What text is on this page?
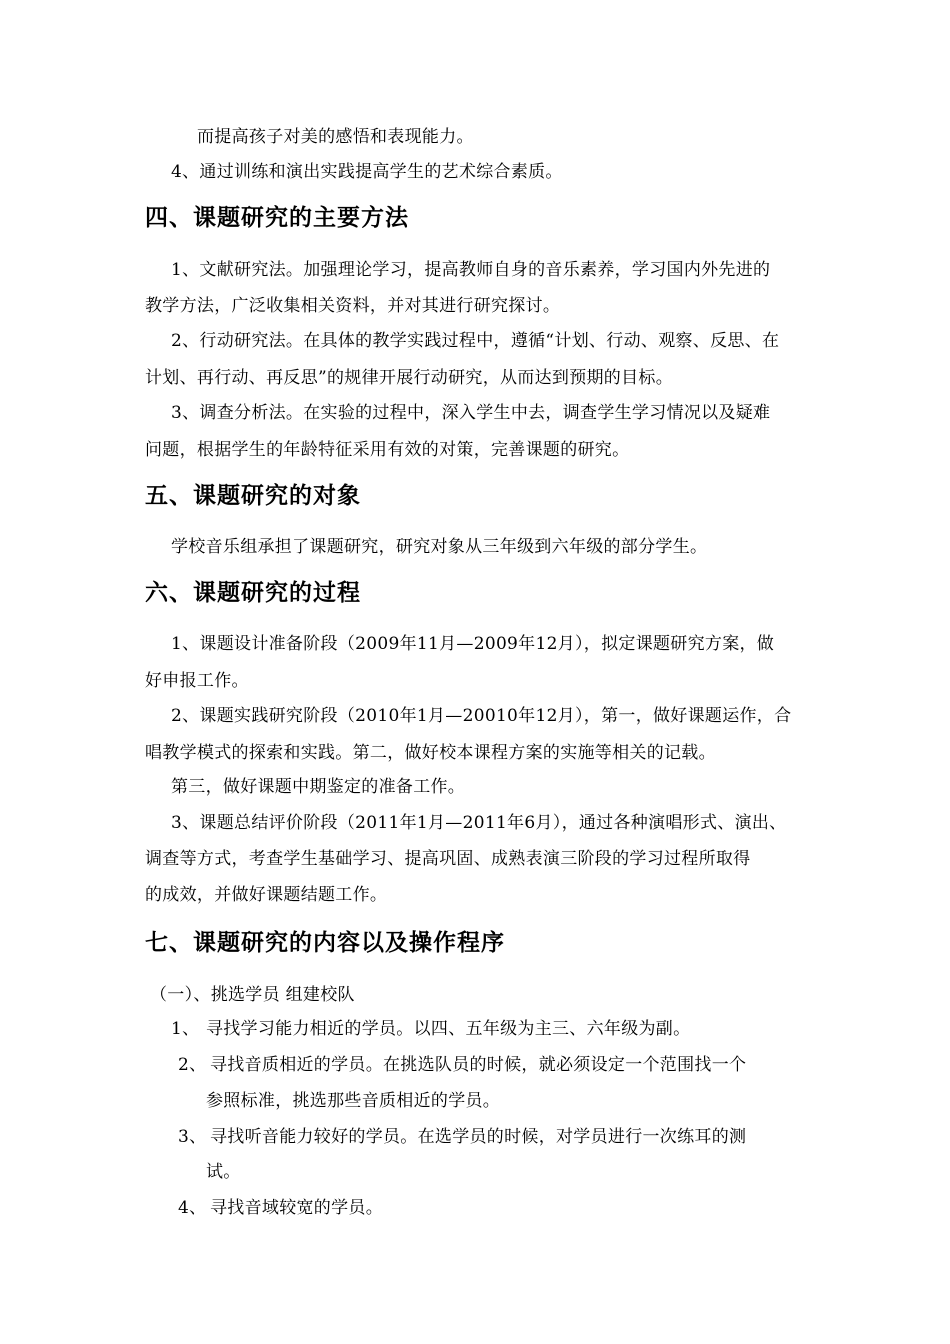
而提高孩子对美的感悟和表现能力。
4、通过训练和演出实践提高学生的艺术综合素质。
四、课题研究的主要方法
1、文献研究法。加强理论学习，提高教师自身的音乐素养，学习国内外先进的
教学方法，广泛收集相关资料，并对其进行研究探讨。
2、行动研究法。在具体的教学实践过程中，遵循“计划、行动、观察、反思、在
计划、再行动、再反思”的规律开展行动研究，从而达到预期的目标。
3、调查分析法。在实验的过程中，深入学生中去，调查学生学习情况以及疑难
问题，根据学生的年龄特征采用有效的对策，完善课题的研究。
五、课题研究的对象
学校音乐组承担了课题研究，研究对象从三年级到六年级的部分学生。
六、课题研究的过程
1、课题设计准备阶段（2009年11月—2009年12月），拟定课题研究方案，做
好申报工作。
2、课题实践研究阶段（2010年1月—20010年12月），第一，做好课题运作，合
唱教学模式的探索和实践。第二，做好校本课程方案的实施等相关的记载。
第三，做好课题中期鉴定的准备工作。
3、课题总结评价阶段（2011年1月—2011年6月），通过各种演唱形式、演出、
调查等方式，考查学生基础学习、提高巩固、成熟表演三阶段的学习过程所取得
的成效，并做好课题结题工作。
七、课题研究的内容以及操作程序
（一）、挑选学员 组建校队
1、 寻找学习能力相近的学员。以四、五年级为主三、六年级为副。
2、 寻找音质相近的学员。在挑选队员的时候，就必须设定一个范围找一个
参照标准，挑选那些音质相近的学员。
3、 寻找听音能力较好的学员。在选学员的时候，对学员进行一次练耳的测
试。
4、 寻找音域较宽的学员。
